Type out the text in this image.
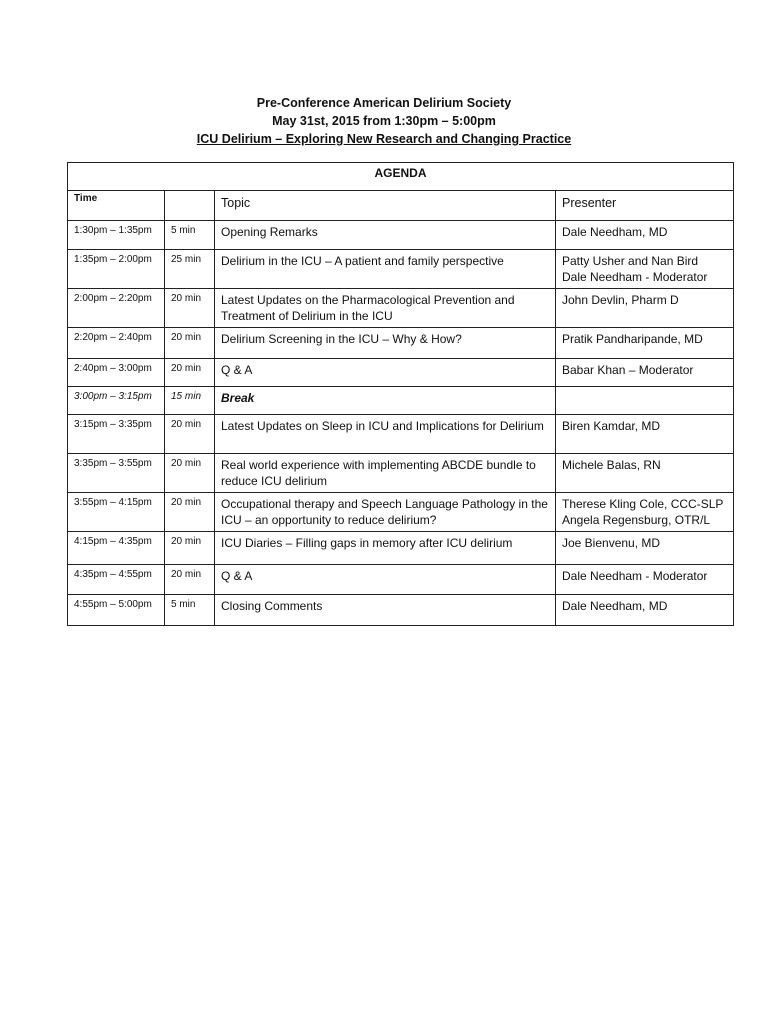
Pre-Conference American Delirium Society
May 31st, 2015 from 1:30pm – 5:00pm
ICU Delirium – Exploring New Research and Changing Practice
AGENDA			
Time		Topic	Presenter
1:30pm – 1:35pm	5 min	Opening Remarks	Dale Needham, MD
1:35pm – 2:00pm	25 min	Delirium in the ICU – A patient and family perspective	Patty Usher and Nan Bird
Dale Needham - Moderator
2:00pm – 2:20pm	20 min	Latest Updates on the Pharmacological Prevention and Treatment of Delirium in the ICU	John Devlin, Pharm D
2:20pm – 2:40pm	20 min	Delirium Screening in the ICU – Why & How?	Pratik Pandharipande, MD
2:40pm – 3:00pm	20 min	Q & A	Babar Khan – Moderator
3:00pm – 3:15pm	15 min	Break	
3:15pm – 3:35pm	20 min	Latest Updates on Sleep in ICU and Implications for Delirium	Biren Kamdar, MD
3:35pm – 3:55pm	20 min	Real world experience with implementing ABCDE bundle to reduce ICU delirium	Michele Balas, RN
3:55pm – 4:15pm	20 min	Occupational therapy and Speech Language Pathology in the ICU – an opportunity to reduce delirium?	Therese Kling Cole, CCC-SLP
Angela Regensburg, OTR/L
4:15pm – 4:35pm	20 min	ICU Diaries – Filling gaps in memory after ICU delirium	Joe Bienvenu, MD
4:35pm – 4:55pm	20 min	Q & A	Dale Needham - Moderator
4:55pm – 5:00pm	5 min	Closing Comments	Dale Needham, MD
